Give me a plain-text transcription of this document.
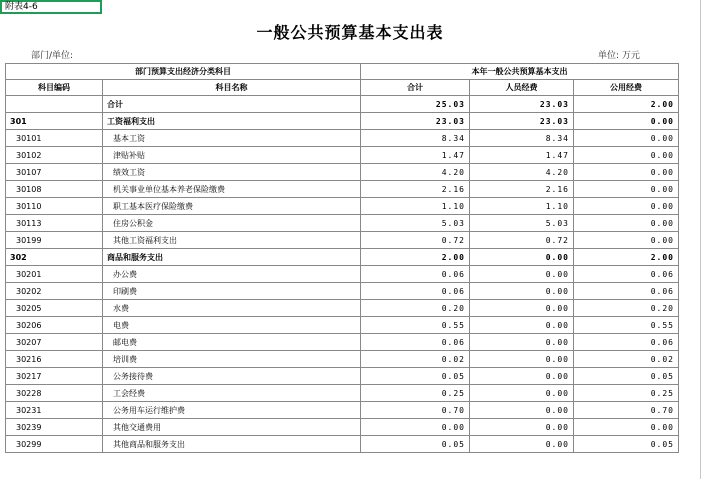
附表4-6
一般公共预算基本支出表
部门/单位:	单位: 万元
部门预算支出经济分类科目		本年一般公共预算基本支出		
科目编码	科目名称	合计	人员经费	公用经费
	合计	25.03	23.03	2.00
301	工资福利支出	23.03	23.03	0.00
30101	基本工资	8.34	8.34	0.00
30102	津贴补贴	1.47	1.47	0.00
30107	绩效工资	4.20	4.20	0.00
30108	机关事业单位基本养老保险缴费	2.16	2.16	0.00
30110	职工基本医疗保险缴费	1.10	1.10	0.00
30113	住房公积金	5.03	5.03	0.00
30199	其他工资福利支出	0.72	0.72	0.00
302	商品和服务支出	2.00	0.00	2.00
30201	办公费	0.06	0.00	0.06
30202	印刷费	0.06	0.00	0.06
30205	水费	0.20	0.00	0.20
30206	电费	0.55	0.00	0.55
30207	邮电费	0.06	0.00	0.06
30216	培训费	0.02	0.00	0.02
30217	公务接待费	0.05	0.00	0.05
30228	工会经费	0.25	0.00	0.25
30231	公务用车运行维护费	0.70	0.00	0.70
30239	其他交通费用	0.00	0.00	0.00
30299	其他商品和服务支出	0.05	0.00	0.05
